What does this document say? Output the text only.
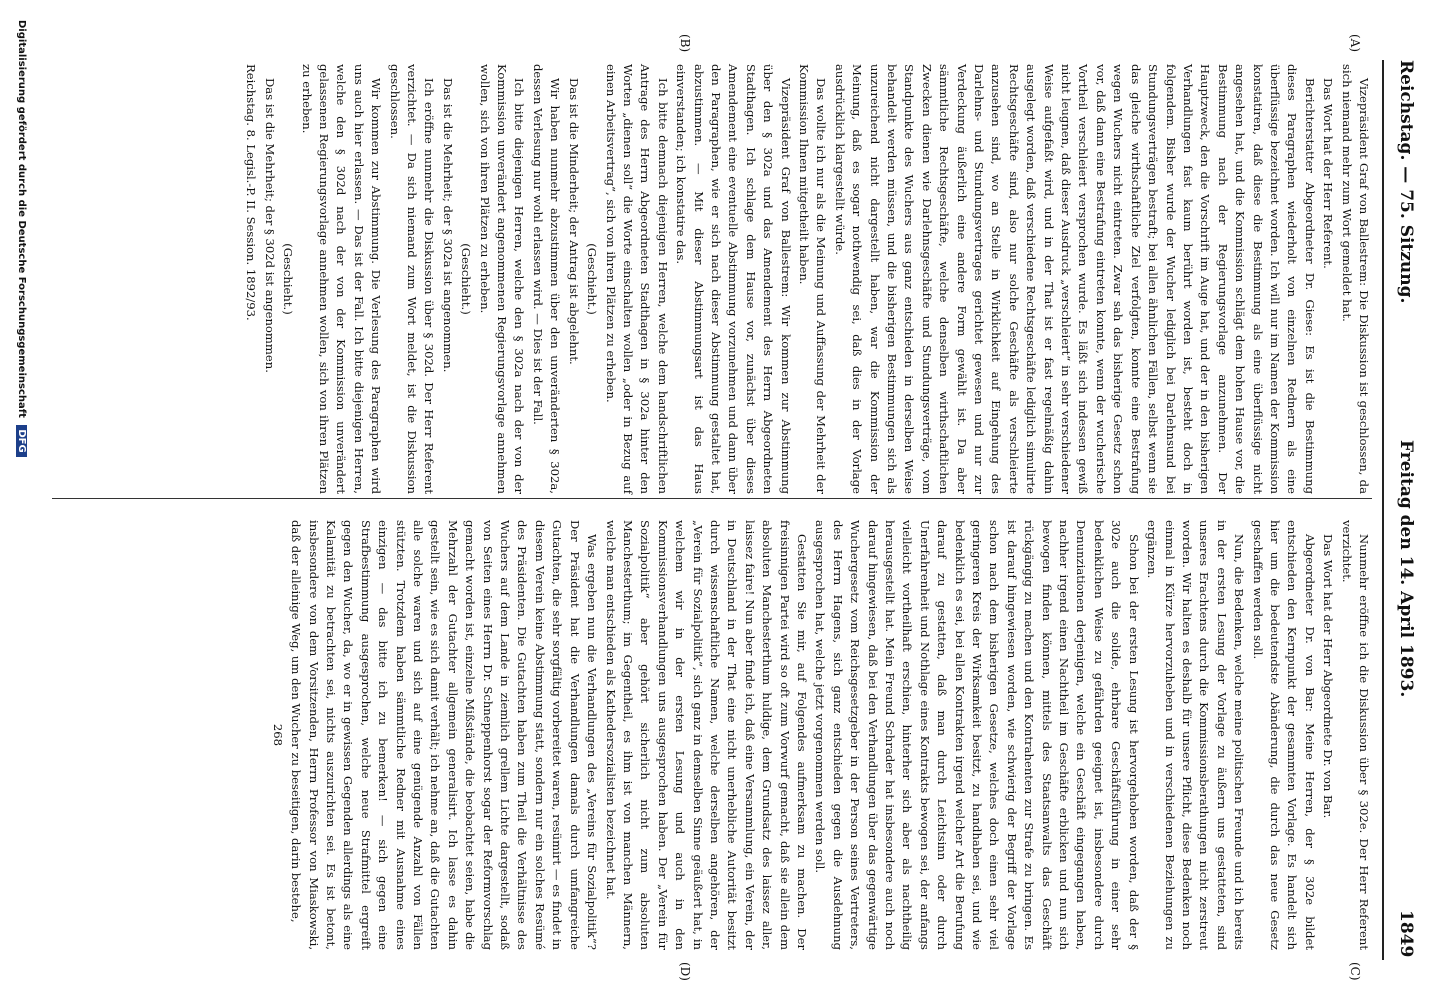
Reichstag. — 75. Sitzung.
Freitag den 14. April 1893.
1849
(A)
(B)
(C)
(D)

Vizepräsident Graf von Ballestrem: Die Diskussion ist geschlossen, da sich niemand mehr zum Wort gemeldet hat.

Das Wort hat der Herr Referent.

Berichterstatter Abgeordneter Dr. Giese: Es ist die Bestimmung dieses Paragraphen wiederholt von einzelnen Rednern als eine überflüssige bezeichnet worden. Ich will nur im Namen der Kommission konstatiren, daß diese die Bestimmung als eine überflüssige nicht angesehen hat, und die Kommission schlägt dem hohen Hause vor, die Bestimmung nach der Regierungsvorlage anzunehmen. Der Hauptzweck, den die Vorschrift im Auge hat, und der in den bisherigen Verhandlungen fast kaum berührt worden ist, besteht doch in folgendem. Bisher wurde der Wucher lediglich bei Darlehnsund bei Stundungsverträgen bestraft; bei allen ähnlichen Fällen, selbst wenn sie das gleiche wirthschaftliche Ziel verfolgten, konnte eine Bestrafung wegen Wuchers nicht eintreten. Zwar sah das bisherige Gesetz schon vor, daß dann eine Bestrafung eintreten konnte, wenn der wucherische Vortheil verschleiert versprochen wurde. Es läßt sich indessen gewiß nicht leugnen, daß dieser Ausdruck „verschleiert“ in sehr verschiedener Weise aufgefaßt wird, und in der That ist er fast regelmäßig dahin ausgelegt worden, daß verschiedene Rechtsgeschäfte lediglich simulirte Rechtsgeschäfte sind, also nur solche Geschäfte als verschleierte anzusehen sind, wo an Stelle in Wirklichkeit auf Eingehung des Darlehns- und Stundungsvertrages gerichtet gewesen und nur zur Verdeckung äußerlich eine andere Form gewählt ist. Da aber sämmtliche Rechtsgeschäfte, welche denselben wirthschaftlichen Zwecken dienen wie Darlehnsgeschäfte und Stundungsverträge, vom Standpunkte des Wuchers aus ganz entschieden in derselben Weise behandelt werden müssen, und die bisherigen Bestimmungen sich als unzureichend nicht dargestellt haben, war die Kommission der Meinung, daß es sogar nothwendig sei, daß dies in der Vorlage ausdrücklich klargestellt würde.

Das wollte ich nur als die Meinung und Auffassung der Mehrheit der Kommission Ihnen mitgetheilt haben.

Vizepräsident Graf von Ballestrem: Wir kommen zur Abstimmung über den § 302a und das Amendement des Herrn Abgeordneten Stadthagen. Ich schlage dem Hause vor, zunächst über dieses Amendement eine eventuelle Abstimmung vorzunehmen und dann über den Paragraphen, wie er sich nach dieser Abstimmung gestaltet hat, abzustimmen. — Mit dieser Abstimmungsart ist das Haus einverstanden; ich konstatire das.

Ich bitte demnach diejenigen Herren, welche dem handschriftlichen Antrage des Herrn Abgeordneten Stadthagen in § 302a hinter den Worten „dienen soll“ die Worte einschalten wollen „oder in Bezug auf einen Arbeitsvertrag“, sich von ihren Plätzen zu erheben.

(Geschieht.)

Das ist die Minderheit; der Antrag ist abgelehnt.

Wir haben nunmehr abzustimmen über den unveränderten § 302a, dessen Verlesung nur wohl erlassen wird. — Dies ist der Fall.

Ich bitte diejenigen Herren, welche den § 302a nach der von der Kommission unverändert angenommenen Regierungsvorlage annehmen wollen, sich von ihren Plätzen zu erheben.

(Geschieht.)

Das ist die Mehrheit; der § 302a ist angenommen.

Ich eröffne nunmehr die Diskussion über § 302d. Der Herr Referent verzichtet. — Da sich niemand zum Wort meldet, ist die Diskussion geschlossen.

Wir kommen zur Abstimmung. Die Verlesung des Paragraphen wird uns auch hier erlassen. — Das ist der Fall. Ich bitte diejenigen Herren, welche den § 302d nach der von der Kommission unverändert gelassenen Regierungsvorlage annehmen wollen, sich von ihren Plätzen zu erheben.

(Geschieht.)

Das ist die Mehrheit; der § 302d ist angenommen.

Reichstag. 8. Legisl.-P. II. Session. 1892/93.

Nunmehr eröffne ich die Diskussion über § 302e. Der Herr Referent verzichtet.

Das Wort hat der Herr Abgeordnete Dr. von Bar.

Abgeordneter Dr. von Bar: Meine Herren, der § 302e bildet entschieden den Kernpunkt der gesammten Vorlage. Es handelt sich hier um die bedeutendste Abänderung, die durch das neue Gesetz geschaffen werden soll.

Nun, die Bedenken, welche meine politischen Freunde und ich bereits in der ersten Lesung der Vorlage zu äußern uns gestatteten, sind unseres Erachtens durch die Kommissionsberathungen nicht zerstreut worden. Wir halten es deshalb für unsere Pflicht, diese Bedenken noch einmal in Kürze hervorzuheben und in verschiedenen Beziehungen zu ergänzen.

Schon bei der ersten Lesung ist hervorgehoben worden, daß der § 302e auch die solide, ehrbare Geschäftsführung in einer sehr bedenklichen Weise zu gefährden geeignet ist, insbesondere durch Denunziationen derjenigen, welche ein Geschäft eingegangen haben, nachher irgend einen Nachtheil im Geschäfte erblicken und nun sich bewogen finden können, mittels des Staatsanwalts das Geschäft rückgängig zu machen und den Kontrahenten zur Strafe zu bringen. Es ist darauf hingewiesen worden, wie schwierig der Begriff der Vorlage schon nach dem bisherigen Gesetze, welches doch einen sehr viel geringeren Kreis der Wirksamkeit besitzt, zu handhaben sei, und wie bedenklich es sei, bei allen Kontrakten irgend welcher Art die Berufung darauf zu gestatten, daß man durch Leichtsinn oder durch Unerfahrenheit und Nothlage eines Kontrakts bewogen sei, der anfangs vielleicht vortheilhaft erschien, hinterher sich aber als nachtheilig herausgestellt hat. Mein Freund Schrader hat insbesondere auch noch darauf hingewiesen, daß bei den Verhandlungen über das gegenwärtige Wuchergesetz vom Reichsgesetzgeber in der Person seines Vertreters, des Herrn Hagens, sich ganz entschieden gegen die Ausdehnung ausgesprochen hat, welche jetzt vorgenommen werden soll.

Gestatten Sie mir, auf Folgendes aufmerksam zu machen. Der freisinnigen Partei wird so oft zum Vorwurf gemacht, daß sie allein dem absoluten Manchesterthum huldige, dem Grundsatz des laissez aller, laissez faire! Nun aber finde ich, daß eine Versammlung, ein Verein, der in Deutschland in der That eine nicht unerhebliche Autorität besitzt durch wissenschaftliche Namen, welche derselben angehören, der „Verein für Sozialpolitik“, sich ganz in demselben Sinne geäußert hat, in welchem wir in der ersten Lesung und auch in den Kommissionsverhandlungen uns ausgesprochen haben. Der „Verein für Sozialpolitik“ aber gehört sicherlich nicht zum absoluten Manchesterthum; im Gegentheil, es ihm ist von manchen Männern, welche man entschieden als Kathedersozialisten bezeichnet hat.

Was ergeben nun die Verhandlungen des „Vereins für Sozialpolitik“? Der Präsident hat die Verhandlungen damals durch umfangreiche Gutachten, die sehr sorgfältig vorbereitet waren, resümirt — es findet in diesem Verein keine Abstimmung statt, sondern nur ein solches Resümé des Präsidenten. Die Gutachten haben zum Theil die Verhältnisse des Wuchers auf dem Lande in ziemlich grellem Lichte dargestellt, sodaß von Seiten eines Herrn Dr. Schneppenhorst sogar der Reformvorschlag gemacht worden ist, einzelne Mißstände, die beobachtet seien, habe die Mehrzahl der Gutachter allgemein generalisirt. Ich lasse es dahin gestellt sein, wie es sich damit verhält; ich nehme an, daß die Gutachten alle solche waren und sich auf eine genügende Anzahl von Fällen stützten. Trotzdem haben sämmtliche Redner mit Ausnahme eines einzigen — das bitte ich zu bemerken! — sich gegen eine Strafbestimmung ausgesprochen, welche neue Strafmittel ergreift gegen den Wucher, da, wo er in gewissen Gegenden allerdings als eine Kalamität zu betrachten sei, nichts auszurichten sei. Es ist betont, insbesondere von dem Vorsitzenden, Herrn Professor von Miaskowski, daß der alleinige Weg, um den Wucher zu beseitigen, darin bestehe,

268

Digitalisierung gefördert durch die Deutsche Forschungsgemeinschaft DFG
